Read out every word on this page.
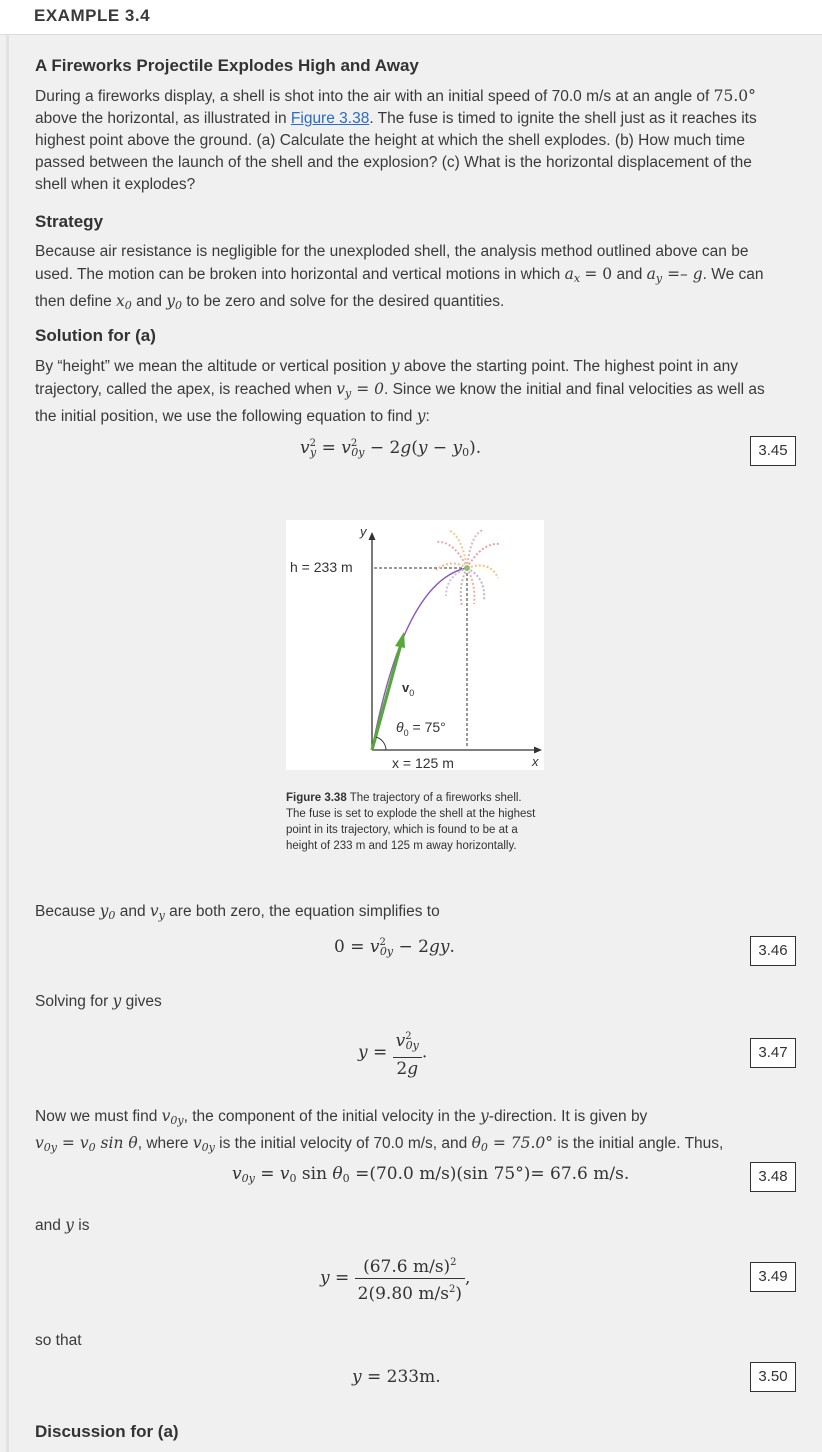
EXAMPLE 3.4
A Fireworks Projectile Explodes High and Away
During a fireworks display, a shell is shot into the air with an initial speed of 70.0 m/s at an angle of 75.0° above the horizontal, as illustrated in Figure 3.38. The fuse is timed to ignite the shell just as it reaches its highest point above the ground. (a) Calculate the height at which the shell explodes. (b) How much time passed between the launch of the shell and the explosion? (c) What is the horizontal displacement of the shell when it explodes?
Strategy
Because air resistance is negligible for the unexploded shell, the analysis method outlined above can be used. The motion can be broken into horizontal and vertical motions in which $a_x = 0$ and $a_y =- g$. We can then define $x_0$ and $y_0$ to be zero and solve for the desired quantities.
Solution for (a)
By “height” we mean the altitude or vertical position y above the starting point. The highest point in any trajectory, called the apex, is reached when $v_y = 0$. Since we know the initial and final velocities as well as the initial position, we use the following equation to find y:
$v^2_y = v^2_{0y} - 2g(y - y_0)$.	3.45
y
x
h = 233 m
$v_0$
$\theta_0 = 75^\circ$
x = 125 m
Figure 3.38 The trajectory of a fireworks shell. The fuse is set to explode the shell at the highest point in its trajectory, which is found to be at a height of 233 m and 125 m away horizontally.
Because $y_0$ and $v_y$ are both zero, the equation simplifies to
$0 = v^2_{0y} - 2gy$.	3.46
Solving for y gives
$y = \frac{v^2_{0y}}{2g}$ .	3.47
Now we must find $v_{0y}$, the component of the initial velocity in the y-direction. It is given by
$v_{0y} = v_0$ sin θ, where $v_{0y}$ is the initial velocity of 70.0 m/s, and $\theta_0 = 75.0^\circ$ is the initial angle. Thus,
$v_{0y} = v_0$ $\sin \theta_0 =(70.0$ m/s)(sin 75°)= 67.6 m/s.	3.48
and y is
$y = \frac{(67.6 m/s)^2}{2(9.80 m/s^2)}$ ,	3.49
so that
y = 233m.	3.50
Discussion for (a)
